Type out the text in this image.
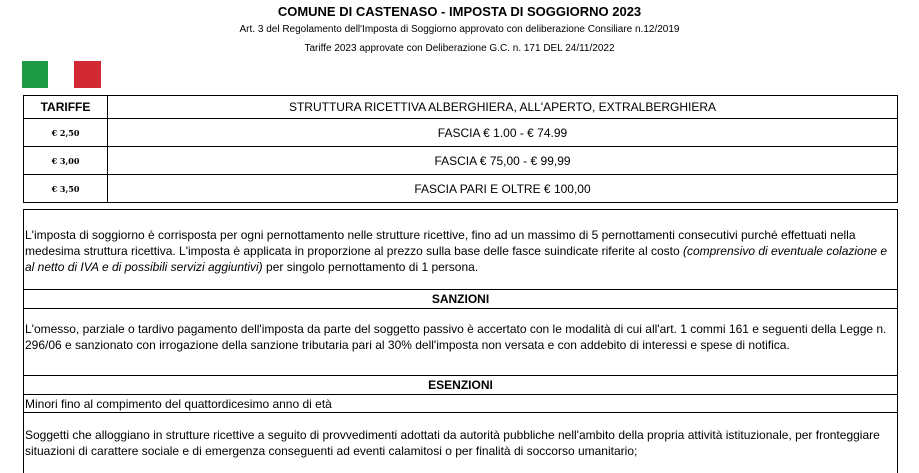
COMUNE DI CASTENASO - IMPOSTA DI SOGGIORNO 2023
Art. 3 del Regolamento dell'Imposta di Soggiorno approvato con deliberazione Consiliare n.12/2019
Tariffe 2023 approvate con Deliberazione G.C. n. 171 DEL 24/11/2022
TARIFFE	STRUTTURA RICETTIVA ALBERGHIERA, ALL'APERTO, EXTRALBERGHIERA
€ 2,50	FASCIA € 1.00 - € 74.99
€ 3,00	FASCIA € 75,00 - € 99,99
€ 3,50	FASCIA PARI E OLTRE € 100,00

L'imposta di soggiorno è corrisposta per ogni pernottamento nelle strutture ricettive, fino ad un massimo di 5 pernottamenti consecutivi purché effettuati nella medesima struttura ricettiva. L'imposta è applicata in proporzione al prezzo sulla base delle fasce suindicate riferite al costo (comprensivo di eventuale colazione e al netto di IVA e di possibili servizi aggiuntivi) per singolo pernottamento di 1 persona.

SANZIONI

L'omesso, parziale o tardivo pagamento dell'imposta da parte del soggetto passivo è accertato con le modalità di cui all'art. 1 commi 161 e seguenti della Legge n. 296/06 e sanzionato con irrogazione della sanzione tributaria pari al 30% dell'imposta non versata e con addebito di interessi e spese di notifica.

ESENZIONI

Minori fino al compimento del quattordicesimo anno di età

Soggetti che alloggiano in strutture ricettive a seguito di provvedimenti adottati da autorità pubbliche nell'ambito della propria attività istituzionale, per fronteggiare situazioni di carattere sociale e di emergenza conseguenti ad eventi calamitosi o per finalità di soccorso umanitario;
